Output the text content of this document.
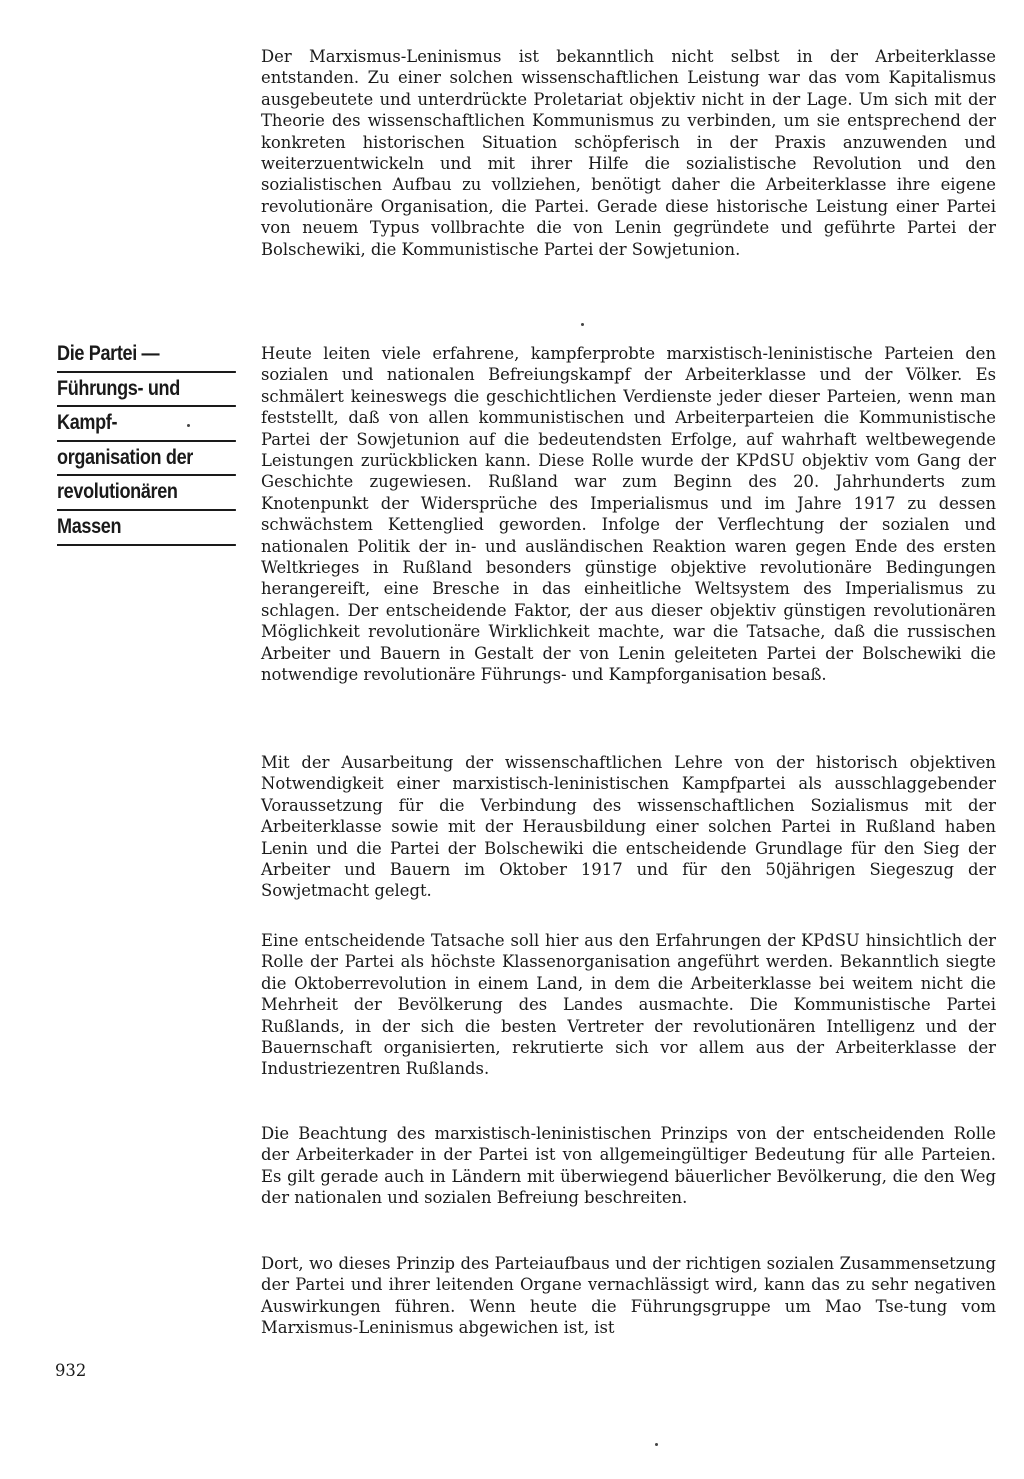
Der Marxismus-Leninismus ist bekanntlich nicht selbst in der Arbeiterklasse entstanden. Zu einer solchen wissenschaftlichen Leistung war das vom Kapitalismus ausgebeutete und unterdrückte Proletariat objektiv nicht in der Lage. Um sich mit der Theorie des wissenschaftlichen Kommunismus zu verbinden, um sie entsprechend der konkreten historischen Situation schöpferisch in der Praxis anzuwenden und weiterzuentwickeln und mit ihrer Hilfe die sozialistische Revolution und den sozialistischen Aufbau zu vollziehen, benötigt daher die Arbeiterklasse ihre eigene revolutionäre Organisation, die Partei. Gerade diese historische Leistung einer Partei von neuem Typus vollbrachte die von Lenin gegründete und geführte Partei der Bolschewiki, die Kommunistische Partei der Sowjetunion.

Die Partei —
Führungs- und
Kampf-
organisation der
revolutionären
Massen

Heute leiten viele erfahrene, kampferprobte marxistisch-leninistische Parteien den sozialen und nationalen Befreiungskampf der Arbeiterklasse und der Völker. Es schmälert keineswegs die geschichtlichen Verdienste jeder dieser Parteien, wenn man feststellt, daß von allen kommunistischen und Arbeiterparteien die Kommunistische Partei der Sowjetunion auf die bedeutendsten Erfolge, auf wahrhaft weltbewegende Leistungen zurückblicken kann. Diese Rolle wurde der KPdSU objektiv vom Gang der Geschichte zugewiesen. Rußland war zum Beginn des 20. Jahrhunderts zum Knotenpunkt der Widersprüche des Imperialismus und im Jahre 1917 zu dessen schwächstem Kettenglied geworden. Infolge der Verflechtung der sozialen und nationalen Politik der in- und ausländischen Reaktion waren gegen Ende des ersten Weltkrieges in Rußland besonders günstige objektive revolutionäre Bedingungen herangereift, eine Bresche in das einheitliche Weltsystem des Imperialismus zu schlagen. Der entscheidende Faktor, der aus dieser objektiv günstigen revolutionären Möglichkeit revolutionäre Wirklichkeit machte, war die Tatsache, daß die russischen Arbeiter und Bauern in Gestalt der von Lenin geleiteten Partei der Bolschewiki die notwendige revolutionäre Führungs- und Kampforganisation besaß.

Mit der Ausarbeitung der wissenschaftlichen Lehre von der historisch objektiven Notwendigkeit einer marxistisch-leninistischen Kampfpartei als ausschlaggebender Voraussetzung für die Verbindung des wissenschaftlichen Sozialismus mit der Arbeiterklasse sowie mit der Herausbildung einer solchen Partei in Rußland haben Lenin und die Partei der Bolschewiki die entscheidende Grundlage für den Sieg der Arbeiter und Bauern im Oktober 1917 und für den 50jährigen Siegeszug der Sowjetmacht gelegt.

Eine entscheidende Tatsache soll hier aus den Erfahrungen der KPdSU hinsichtlich der Rolle der Partei als höchste Klassenorganisation angeführt werden. Bekanntlich siegte die Oktoberrevolution in einem Land, in dem die Arbeiterklasse bei weitem nicht die Mehrheit der Bevölkerung des Landes ausmachte. Die Kommunistische Partei Rußlands, in der sich die besten Vertreter der revolutionären Intelligenz und der Bauernschaft organisierten, rekrutierte sich vor allem aus der Arbeiterklasse der Industriezentren Rußlands.

Die Beachtung des marxistisch-leninistischen Prinzips von der entscheidenden Rolle der Arbeiterkader in der Partei ist von allgemeingültiger Bedeutung für alle Parteien. Es gilt gerade auch in Ländern mit überwiegend bäuerlicher Bevölkerung, die den Weg der nationalen und sozialen Befreiung beschreiten.

Dort, wo dieses Prinzip des Parteiaufbaus und der richtigen sozialen Zusammensetzung der Partei und ihrer leitenden Organe vernachlässigt wird, kann das zu sehr negativen Auswirkungen führen. Wenn heute die Führungsgruppe um Mao Tse-tung vom Marxismus-Leninismus abgewichen ist, ist

932
